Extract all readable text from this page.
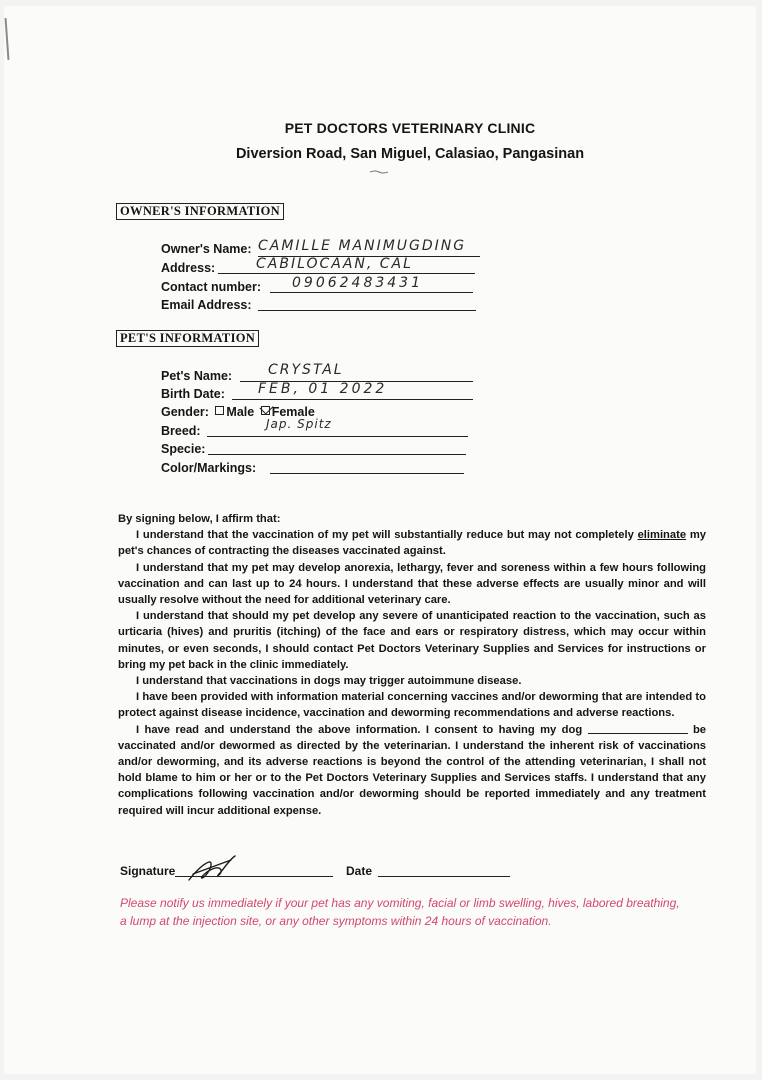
PET DOCTORS VETERINARY CLINIC
Diversion Road, San Miguel, Calasiao, Pangasinan
OWNER'S INFORMATION
Owner's Name: CAMILLE MANIMUGDING
Address:	CABILOCAAN, CAL
Contact number: 09062483431
Email Address:
PET'S INFORMATION
Pet's Name:	CRYSTAL
Birth Date: FEB, 01 2022
Gender: Male Female
Breed:	Jap. Spitz
Specie:
Color/Markings:

By signing below, I affirm that:

I understand that the vaccination of my pet will substantially reduce but may not completely eliminate my pet's chances of contracting the diseases vaccinated against.

I understand that my pet may develop anorexia, lethargy, fever and soreness within a few hours following vaccination and can last up to 24 hours. I understand that these adverse effects are usually minor and will usually resolve without the need for additional veterinary care.

I understand that should my pet develop any severe of unanticipated reaction to the vaccination, such as urticaria (hives) and pruritis (itching) of the face and ears or respiratory distress, which may occur within minutes, or even seconds, I should contact Pet Doctors Veterinary Supplies and Services for instructions or bring my pet back in the clinic immediately.

I understand that vaccinations in dogs may trigger autoimmune disease.

I have been provided with information material concerning vaccines and/or deworming that are intended to protect against disease incidence, vaccination and deworming recommendations and adverse reactions.

I have read and understand the above information. I consent to having my dog	be vaccinated and/or dewormed as directed by the veterinarian. I understand the inherent risk of vaccinations and/or deworming, and its adverse reactions is beyond the control of the attending veterinarian, I shall not hold blame to him or her or to the Pet Doctors Veterinary Supplies and Services staffs. I understand that any complications following vaccination and/or deworming should be reported immediately and any treatment required will incur additional expense.

Signature	Date
Please notify us immediately if your pet has any vomiting, facial or limb swelling, hives, labored breathing, a lump at the injection site, or any other symptoms within 24 hours of vaccination.
